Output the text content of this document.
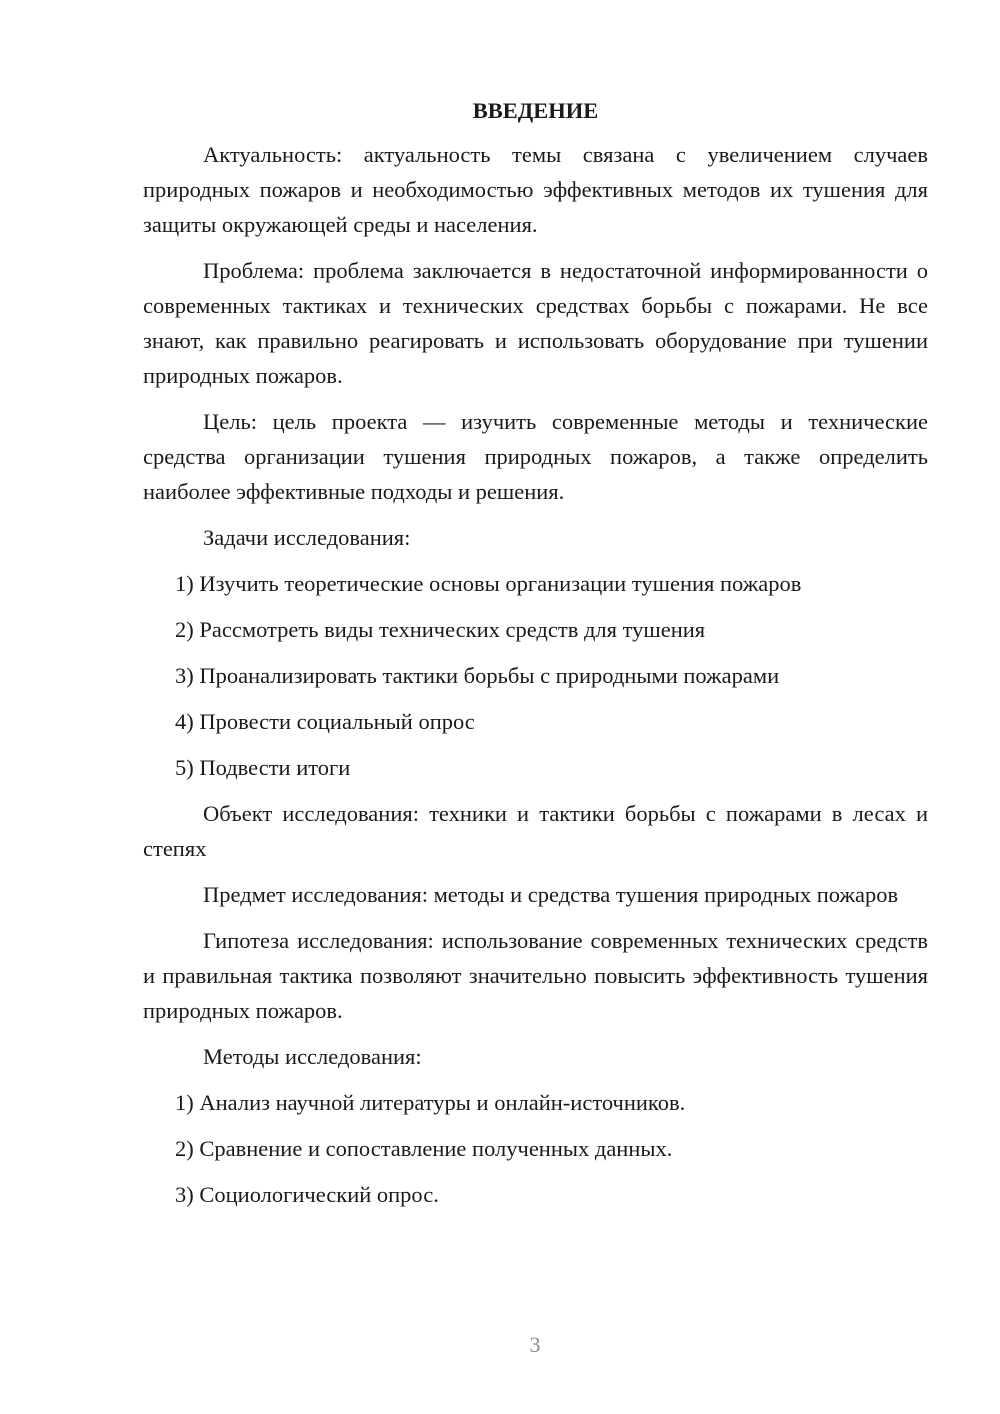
ВВЕДЕНИЕ

Актуальность: актуальность темы связана с увеличением случаев природных пожаров и необходимостью эффективных методов их тушения для защиты окружающей среды и населения.

Проблема: проблема заключается в недостаточной информированности о современных тактиках и технических средствах борьбы с пожарами. Не все знают, как правильно реагировать и использовать оборудование при тушении природных пожаров.

Цель: цель проекта — изучить современные методы и технические средства организации тушения природных пожаров, а также определить наиболее эффективные подходы и решения.

Задачи исследования:

1) Изучить теоретические основы организации тушения пожаров
2) Рассмотреть виды технических средств для тушения
3) Проанализировать тактики борьбы с природными пожарами
4) Провести социальный опрос
5) Подвести итоги

Объект исследования: техники и тактики борьбы с пожарами в лесах и степях

Предмет исследования: методы и средства тушения природных пожаров

Гипотеза исследования: использование современных технических средств и правильная тактика позволяют значительно повысить эффективность тушения природных пожаров.

Методы исследования:

1) Анализ научной литературы и онлайн-источников.
2) Сравнение и сопоставление полученных данных.
3) Социологический опрос.
3
